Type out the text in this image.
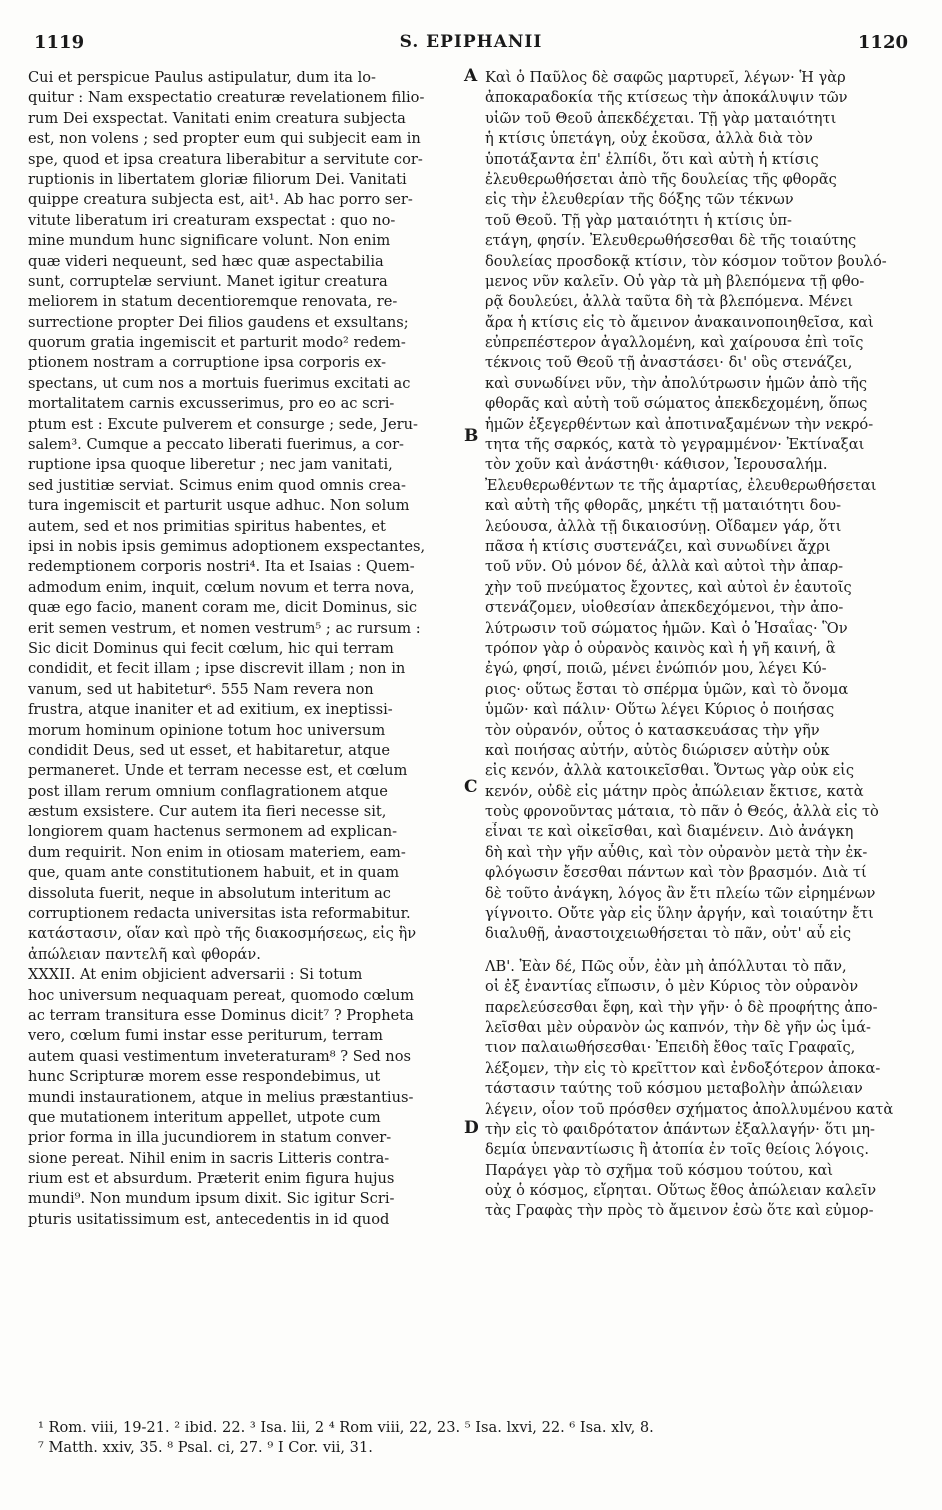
1119	S. EPIPHANII	1120
A
B
C
D
Cui et perspicue Paulus astipulatur, dum ita lo-
quitur : Nam exspectatio creaturæ revelationem filio-
rum Dei exspectat. Vanitati enim creatura subjecta
est, non volens ; sed propter eum qui subjecit eam in
spe, quod et ipsa creatura liberabitur a servitute cor-
ruptionis in libertatem gloriæ filiorum Dei. Vanitati
quippe creatura subjecta est, ait¹. Ab hac porro ser-
vitute liberatum iri creaturam exspectat : quo no-
mine mundum hunc significare volunt. Non enim
quæ videri nequeunt, sed hæc quæ aspectabilia
sunt, corruptelæ serviunt. Manet igitur creatura
meliorem in statum decentioremque renovata, re-
surrectione propter Dei filios gaudens et exsultans;
quorum gratia ingemiscit et parturit modo² redem-
ptionem nostram a corruptione ipsa corporis ex-
spectans, ut cum nos a mortuis fuerimus excitati ac
mortalitatem carnis excusserimus, pro eo ac scri-
ptum est : Excute pulverem et consurge ; sede, Jeru-
salem³. Cumque a peccato liberati fuerimus, a cor-
ruptione ipsa quoque liberetur ; nec jam vanitati,
sed justitiæ serviat. Scimus enim quod omnis crea-
tura ingemiscit et parturit usque adhuc. Non solum
autem, sed et nos primitias spiritus habentes, et
ipsi in nobis ipsis gemimus adoptionem exspectantes,
redemptionem corporis nostri⁴. Ita et Isaias : Quem-
admodum enim, inquit, cœlum novum et terra nova,
quæ ego facio, manent coram me, dicit Dominus, sic
erit semen vestrum, et nomen vestrum⁵ ; ac rursum :
Sic dicit Dominus qui fecit cœlum, hic qui terram
condidit, et fecit illam ; ipse discrevit illam ; non in
vanum, sed ut habitetur⁶. 555 Nam revera non
frustra, atque inaniter et ad exitium, ex ineptissi-
morum hominum opinione totum hoc universum
condidit Deus, sed ut esset, et habitaretur, atque
permaneret. Unde et terram necesse est, et cœlum
post illam rerum omnium conflagrationem atque
æstum exsistere. Cur autem ita fieri necesse sit,
longiorem quam hactenus sermonem ad explican-
dum requirit. Non enim in otiosam materiem, eam-
que, quam ante constitutionem habuit, et in quam
dissoluta fuerit, neque in absolutum interitum ac
corruptionem redacta universitas ista reformabitur.
κατάστασιν, οἵαν καὶ πρὸ τῆς διακοσμήσεως, εἰς ἣν
ἀπώλειαν παντελῆ καὶ φθοράν.
XXXII. At enim objicient adversarii : Si totum
hoc universum nequaquam pereat, quomodo cœlum
ac terram transitura esse Dominus dicit⁷ ? Propheta
vero, cœlum fumi instar esse periturum, terram
autem quasi vestimentum inveteraturam⁸ ? Sed nos
hunc Scripturæ morem esse respondebimus, ut
mundi instaurationem, atque in melius præstantius-
que mutationem interitum appellet, utpote cum
prior forma in illa jucundiorem in statum conver-
sione pereat. Nihil enim in sacris Litteris contra-
rium est et absurdum. Præterit enim figura hujus
mundi⁹. Non mundum ipsum dixit. Sic igitur Scri-
pturis usitatissimum est, antecedentis in id quod
Καὶ ὁ Παῦλος δὲ σαφῶς μαρτυρεῖ, λέγων· Ἡ γὰρ
ἀποκαραδοκία τῆς κτίσεως τὴν ἀποκάλυψιν τῶν
υἱῶν τοῦ Θεοῦ ἀπεκδέχεται. Τῇ γὰρ ματαιότητι
ἡ κτίσις ὑπετάγη, οὐχ ἑκοῦσα, ἀλλὰ διὰ τὸν
ὑποτάξαντα ἐπ' ἐλπίδι, ὅτι καὶ αὐτὴ ἡ κτίσις
ἐλευθερωθήσεται ἀπὸ τῆς δουλείας τῆς φθορᾶς
εἰς τὴν ἐλευθερίαν τῆς δόξης τῶν τέκνων
τοῦ Θεοῦ. Τῇ γὰρ ματαιότητι ἡ κτίσις ὑπ-
ετάγη, φησίν. Ἐλευθερωθήσεσθαι δὲ τῆς τοιαύτης
δουλείας προσδοκᾷ κτίσιν, τὸν κόσμον τοῦτον βουλό-
μενος νῦν καλεῖν. Οὐ γὰρ τὰ μὴ βλεπόμενα τῇ φθο-
ρᾷ δουλεύει, ἀλλὰ ταῦτα δὴ τὰ βλεπόμενα. Μένει
ἄρα ἡ κτίσις εἰς τὸ ἄμεινον ἀνακαινοποιηθεῖσα, καὶ
εὐπρεπέστερον ἀγαλλομένη, καὶ χαίρουσα ἐπὶ τοῖς
τέκνοις τοῦ Θεοῦ τῇ ἀναστάσει· δι' οὓς στενάζει,
καὶ συνωδίνει νῦν, τὴν ἀπολύτρωσιν ἡμῶν ἀπὸ τῆς
φθορᾶς καὶ αὐτὴ τοῦ σώματος ἀπεκδεχομένη, ὅπως
ἡμῶν ἐξεγερθέντων καὶ ἀποτιναξαμένων τὴν νεκρό-
τητα τῆς σαρκός, κατὰ τὸ γεγραμμένον· Ἐκτίναξαι
τὸν χοῦν καὶ ἀνάστηθι· κάθισον, Ἱερουσαλήμ.
Ἐλευθερωθέντων τε τῆς ἁμαρτίας, ἐλευθερωθήσεται
καὶ αὐτὴ τῆς φθορᾶς, μηκέτι τῇ ματαιότητι δου-
λεύουσα, ἀλλὰ τῇ δικαιοσύνῃ. Οἴδαμεν γάρ, ὅτι
πᾶσα ἡ κτίσις συστενάζει, καὶ συνωδίνει ἄχρι
τοῦ νῦν. Οὐ μόνον δέ, ἀλλὰ καὶ αὐτοὶ τὴν ἀπαρ-
χὴν τοῦ πνεύματος ἔχοντες, καὶ αὐτοὶ ἐν ἑαυτοῖς
στενάζομεν, υἱοθεσίαν ἀπεκδεχόμενοι, τὴν ἀπο-
λύτρωσιν τοῦ σώματος ἡμῶν. Καὶ ὁ Ἡσαΐας· Ὃν
τρόπον γὰρ ὁ οὐρανὸς καινὸς καὶ ἡ γῆ καινή, ἃ
ἐγώ, φησί, ποιῶ, μένει ἐνώπιόν μου, λέγει Κύ-
ριος· οὕτως ἔσται τὸ σπέρμα ὑμῶν, καὶ τὸ ὄνομα
ὑμῶν· καὶ πάλιν· Οὕτω λέγει Κύριος ὁ ποιήσας
τὸν οὐρανόν, οὗτος ὁ κατασκευάσας τὴν γῆν
καὶ ποιήσας αὐτήν, αὐτὸς διώρισεν αὐτὴν οὐκ
εἰς κενόν, ἀλλὰ κατοικεῖσθαι. Ὄντως γὰρ οὐκ εἰς
κενόν, οὐδὲ εἰς μάτην πρὸς ἀπώλειαν ἔκτισε, κατὰ
τοὺς φρονοῦντας μάταια, τὸ πᾶν ὁ Θεός, ἀλλὰ εἰς τὸ
εἶναι τε καὶ οἰκεῖσθαι, καὶ διαμένειν. Διὸ ἀνάγκη
δὴ καὶ τὴν γῆν αὖθις, καὶ τὸν οὐρανὸν μετὰ τὴν ἐκ-
φλόγωσιν ἔσεσθαι πάντων καὶ τὸν βρασμόν. Διὰ τί
δὲ τοῦτο ἀνάγκη, λόγος ἂν ἔτι πλείω τῶν εἰρημένων
γίγνοιτο. Οὔτε γὰρ εἰς ὕλην ἀργήν, καὶ τοιαύτην ἔτι
διαλυθῇ, ἀναστοιχειωθήσεται τὸ πᾶν, οὐτ' αὖ εἰς
ΛΒ'. Ἐὰν δέ, Πῶς οὖν, ἐὰν μὴ ἀπόλλυται τὸ πᾶν,
οἱ ἐξ ἐναντίας εἴπωσιν, ὁ μὲν Κύριος τὸν οὐρανὸν
παρελεύσεσθαι ἔφη, καὶ τὴν γῆν· ὁ δὲ προφήτης ἀπο-
λεῖσθαι μὲν οὐρανὸν ὡς καπνόν, τὴν δὲ γῆν ὡς ἱμά-
τιον παλαιωθήσεσθαι· Ἐπειδὴ ἔθος ταῖς Γραφαῖς,
λέξομεν, τὴν εἰς τὸ κρεῖττον καὶ ἐνδοξότερον ἀποκα-
τάστασιν ταύτης τοῦ κόσμου μεταβολὴν ἀπώλειαν
λέγειν, οἷον τοῦ πρόσθεν σχήματος ἀπολλυμένου κατὰ
τὴν εἰς τὸ φαιδρότατον ἁπάντων ἐξαλλαγήν· ὅτι μη-
δεμία ὑπεναντίωσις ἢ ἀτοπία ἐν τοῖς θείοις λόγοις.
Παράγει γὰρ τὸ σχῆμα τοῦ κόσμου τούτου, καὶ
οὐχ ὁ κόσμος, εἴρηται. Οὕτως ἔθος ἀπώλειαν καλεῖν
τὰς Γραφὰς τὴν πρὸς τὸ ἄμεινον ἐσὼ ὅτε καὶ εὐμορ-
¹ Rom. viii, 19-21. ² ibid. 22. ³ Isa. lii, 2 ⁴ Rom viii, 22, 23. ⁵ Isa. lxvi, 22. ⁶ Isa. xlv, 8.
⁷ Matth. xxiv, 35. ⁸ Psal. ci, 27. ⁹ I Cor. vii, 31.
